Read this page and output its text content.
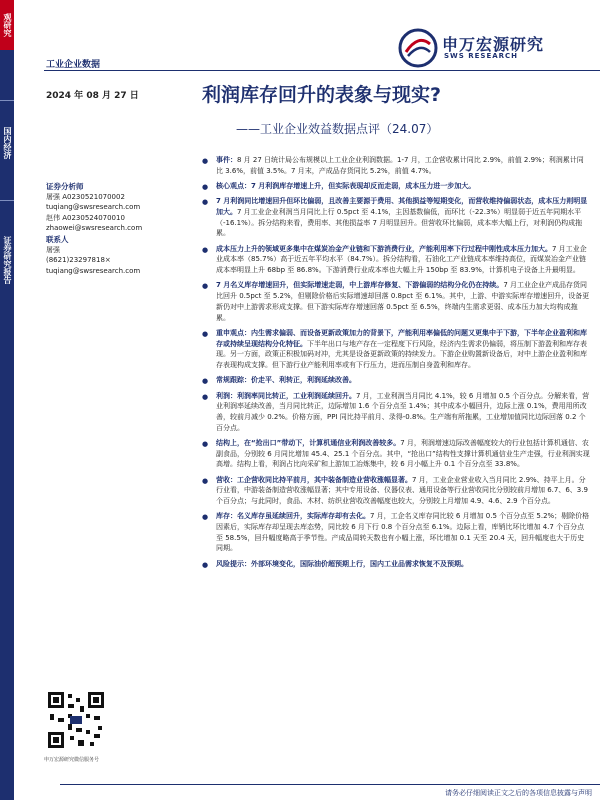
观研究
国内经济
证券研究报告
工业企业数据
2024 年 08 月 27 日
申万宏源研究
SWS RESEARCH
利润库存回升的表象与现实?
——工业企业效益数据点评（24.07）
证券分析师
屠强 A0230521070002
tuqiang@swsresearch.com
赵伟 A0230524070010
zhaowei@swsresearch.com
联系人
屠强
(8621)23297818×
tuqiang@swsresearch.com
申万宏源研究微信服务号
● 事件：8 月 27 日统计局公布规模以上工业企业利润数据。1-7 月，工企营收累计同比 2.9%，前值 2.9%；利润累计同比 3.6%，前值 3.5%。7 月末，产成品存货同比 5.2%，前值 4.7%。
● 核心观点：7 月利润库存增速上升，但实际表现却反而走弱，成本压力进一步加大。
● 7 月利润同比增速回升但环比偏弱，且改善主要源于费用、其他损益等短期变化，而营收维持偏弱状态，成本压力则明显加大。7 月工业企业利润当月同比上行 0.5pct 至 4.1%，主因基数偏低，而环比（-22.3%）明显弱于近五年同期水平（-16.1%）。拆分结构来看，费用率、其他损益率 7 月明显回升。但营收环比偏弱，成本率大幅上行，对利润仍构成拖累。
● 成本压力上升的领域更多集中在煤炭冶金产业链和下游消费行业，产能利用率下行过程中刚性成本压力加大。7 月工业企业成本率（85.7%）高于近五年平均水平（84.7%）。拆分结构看，石油化工产业链成本率维持高位，而煤炭冶金产业链成本率明显上升 68bp 至 86.8%。下游消费行业成本率也大幅上升 150bp 至 83.9%，计算机电子设备上升最明显。
● 7 月名义库存增速回升，但实际增速走弱，中上游库存修复、下游偏弱的结构分化仍在持续。7 月工业企业产成品存货同比回升 0.5pct 至 5.2%，但剔除价格后实际增速却回落 0.8pct 至 6.1%。其中，上游、中游实际库存增速回升，设备更新仍对中上游需求形成支撑。但下游实际库存增速回落 0.5pct 至 6.5%，终端内生需求更弱、成本压力加大均构成拖累。
● 重申观点：内生需求偏弱、而设备更新政策加力的背景下，产能利用率偏低的问题又更集中于下游，下半年企业盈利和库存或持续呈现结构分化特征。下半年出口与地产存在一定程度下行风险，经济内生需求仍偏弱，将压制下游盈利和库存表现。另一方面，政策正积极加码对冲，尤其是设备更新政策的持续发力。下游企业购置新设备后，对中上游企业盈利和库存表现构成支撑。但下游行业产能利用率或有下行压力，进而压制自身盈利和库存。
● 常规跟踪：价走平、利转正，利润延续改善。
● 利润：利润率同比转正，工业利润延续回升。7 月，工业利润当月同比 4.1%，较 6 月增加 0.5 个百分点。分解来看，营业利润率延续改善，当月同比转正，边际增加 1.6 个百分点至 1.4%；其中成本小幅回升，边际上涨 0.1%，费用用所改善，较前月减少 0.2%。价格方面，PPI 同比持平前月、录得-0.8%。生产端有所拖累，工业增加值同比边际回落 0.2 个百分点。
● 结构上，在“抢出口”带动下，计算机通信业利润改善较多。7 月，利润增速边际改善幅度较大的行业包括计算机通信、农副食品，分别较 6 月同比增加 45.4、25.1 个百分点。其中，“抢出口”结构性支撑计算机通信业生产走强，行业利润实现高增。结构上看，利润占比向采矿和上游加工冶炼集中，较 6 月小幅上升 0.1 个百分点至 33.8%。
● 营收：工企营收同比持平前月，其中装备制造业营收涨幅显著。7 月，工业企业营业收入当月同比 2.9%、持平上月。分行业看，中游装备制造营收涨幅显著；其中专用设备、仪器仪表、通用设备等行业营收同比分别较前月增加 6.7、6、3.9 个百分点；与此同时，食品、木材、纺织业营收改善幅度也较大，分别较上月增加 4.9、4.6、2.9 个百分点。
● 库存：名义库存虽延续回升，实际库存却有去化。7 月，工企名义库存同比较 6 月增加 0.5 个百分点至 5.2%；剔除价格因素后，实际库存却呈现去库态势，同比较 6 月下行 0.8 个百分点至 6.1%。边际上看，库销比环比增加 4.7 个百分点至 58.5%，回升幅度略高于季节性。产成品周转天数也有小幅上涨，环比增加 0.1 天至 20.4 天，回升幅度也大于历史同期。
● 风险提示：外部环境变化，国际油价超预期上行，国内工业品需求恢复不及预期。
请务必仔细阅读正文之后的各项信息披露与声明
